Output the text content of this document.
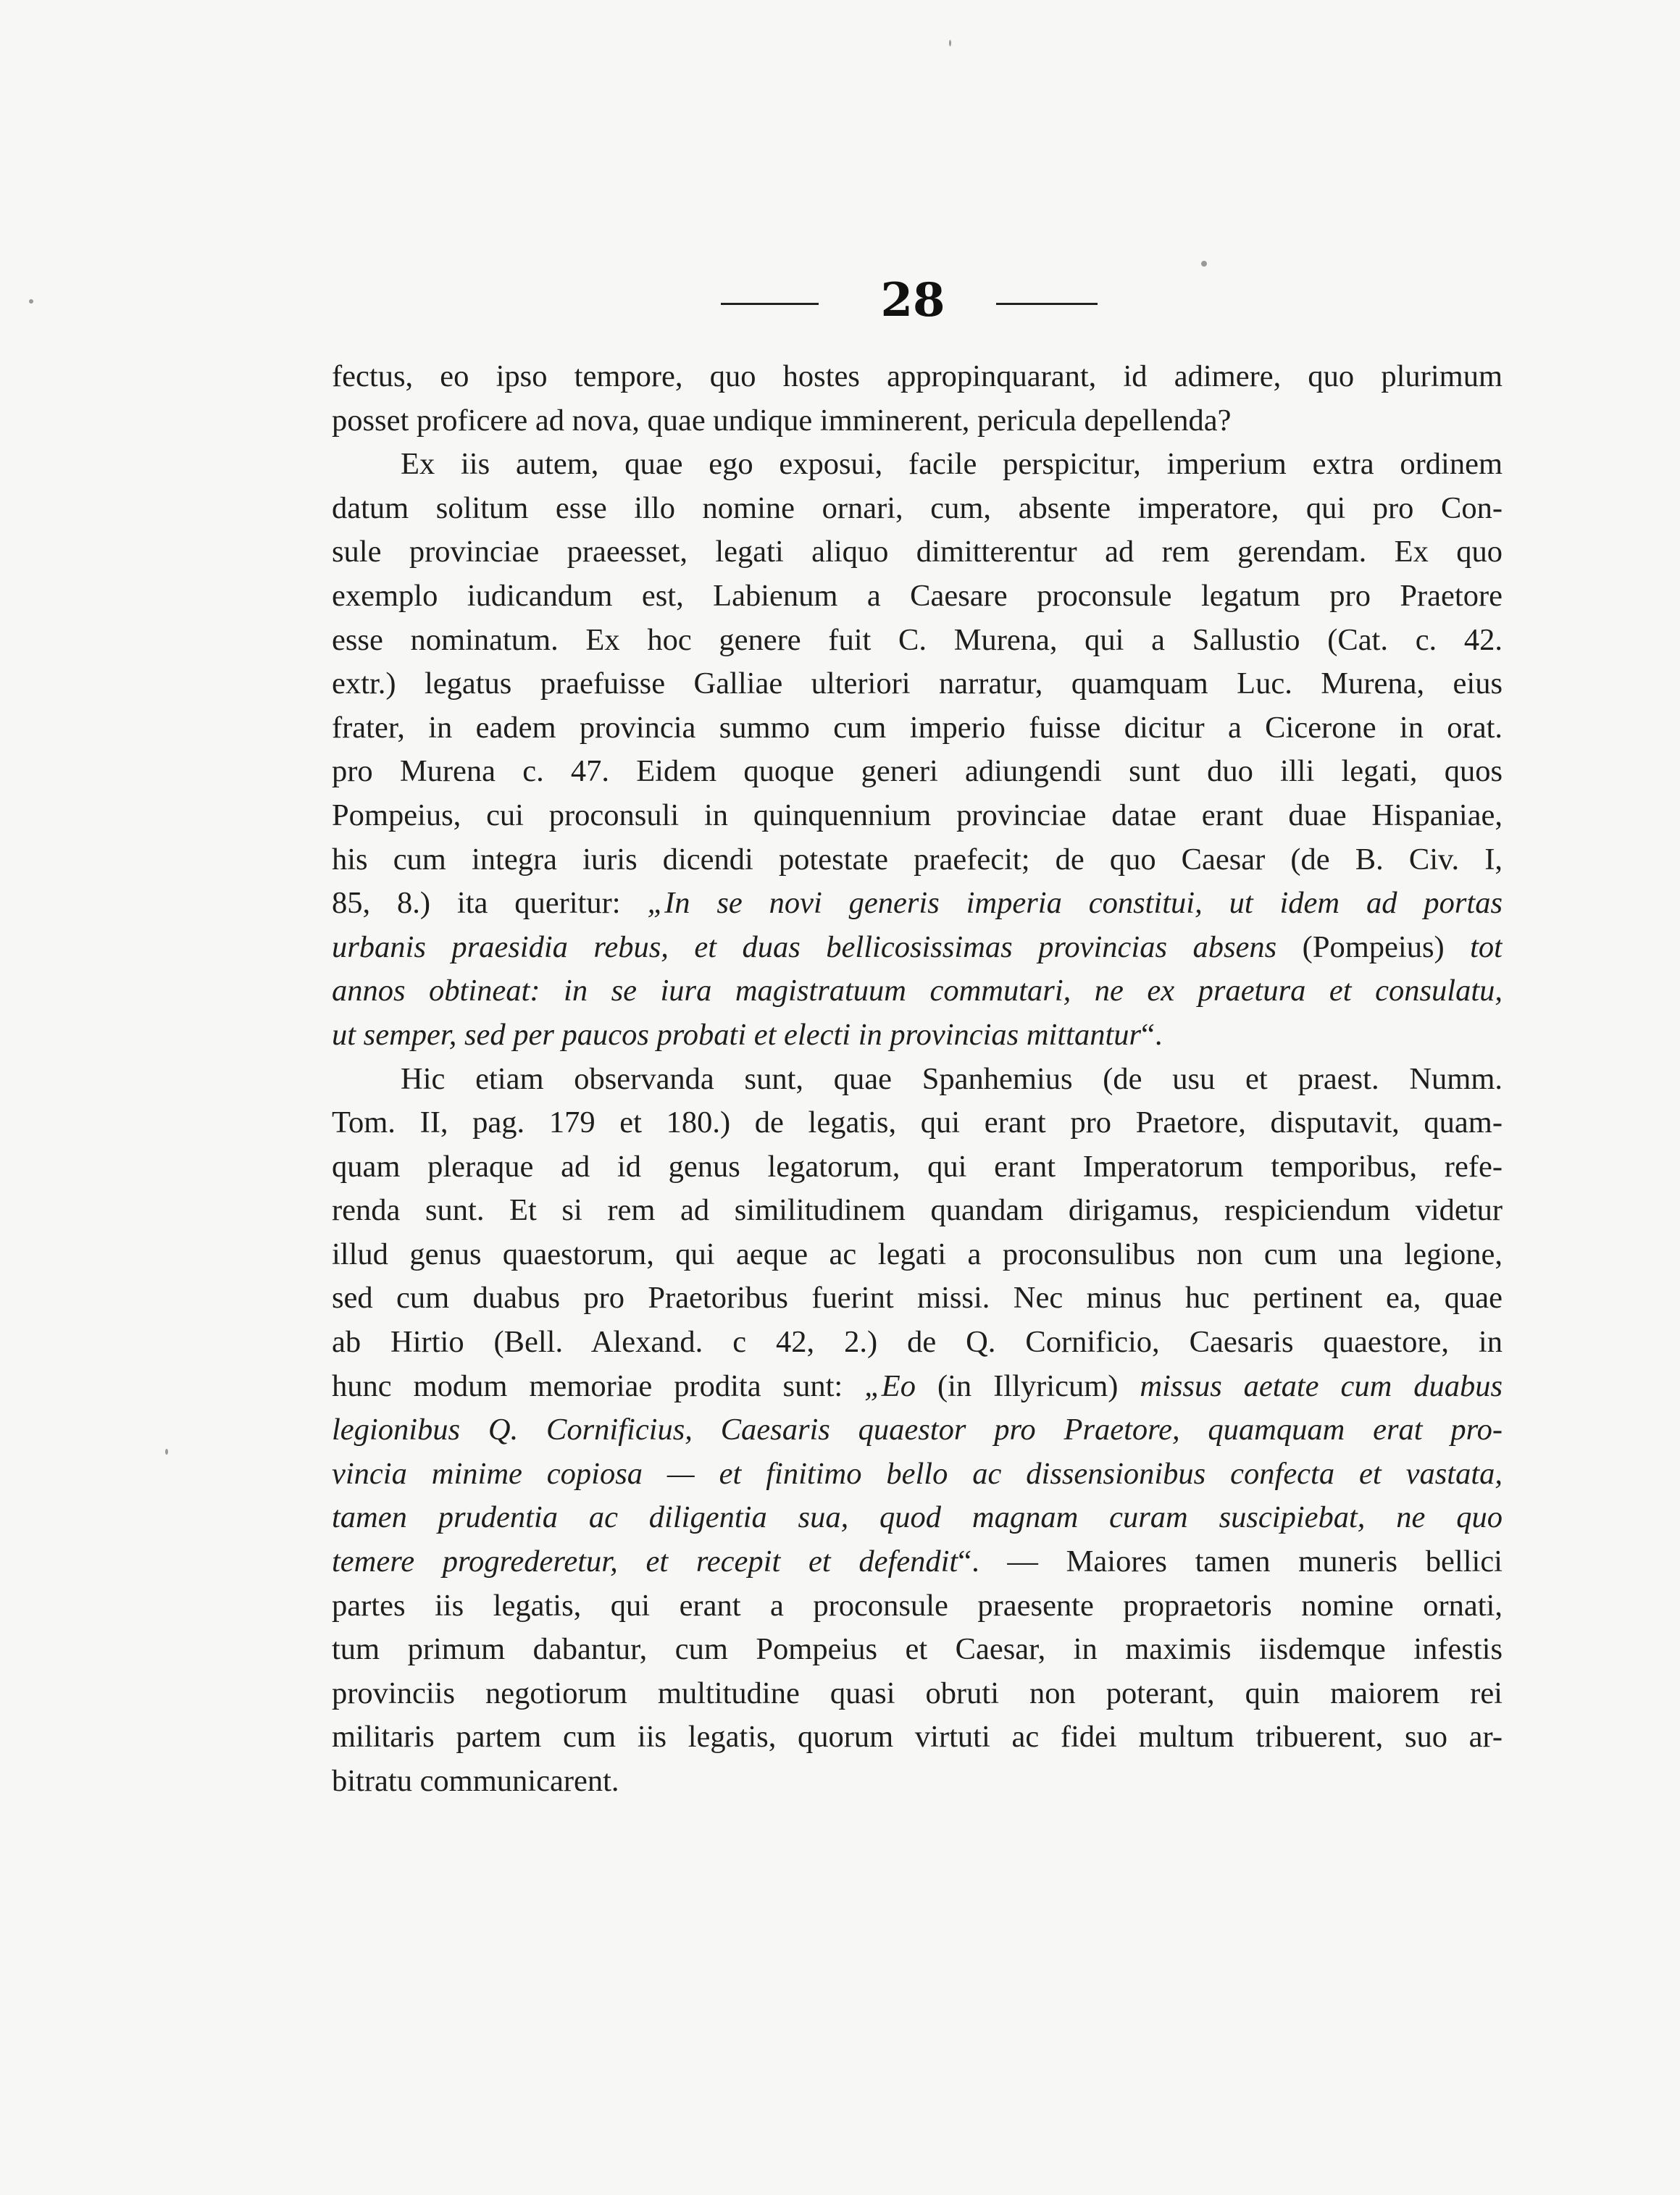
28
fectus, eo ipso tempore, quo hostes appropinquarant, id adimere, quo plurimum
posset proficere ad nova, quae undique imminerent, pericula depellenda?
Ex iis autem, quae ego exposui, facile perspicitur, imperium extra ordinem
datum solitum esse illo nomine ornari, cum, absente imperatore, qui pro Con-
sule provinciae praeesset, legati aliquo dimitterentur ad rem gerendam. Ex quo
exemplo iudicandum est, Labienum a Caesare proconsule legatum pro Praetore
esse nominatum. Ex hoc genere fuit C. Murena, qui a Sallustio (Cat. c. 42.
extr.) legatus praefuisse Galliae ulteriori narratur, quamquam Luc. Murena, eius
frater, in eadem provincia summo cum imperio fuisse dicitur a Cicerone in orat.
pro Murena c. 47. Eidem quoque generi adiungendi sunt duo illi legati, quos
Pompeius, cui proconsuli in quinquennium provinciae datae erant duae Hispaniae,
his cum integra iuris dicendi potestate praefecit; de quo Caesar (de B. Civ. I,
85, 8.) ita queritur: „In se novi generis imperia constitui, ut idem ad portas
urbanis praesidia rebus, et duas bellicosissimas provincias absens (Pompeius) tot
annos obtineat: in se iura magistratuum commutari, ne ex praetura et consulatu,
ut semper, sed per paucos probati et electi in provincias mittantur“.
Hic etiam observanda sunt, quae Spanhemius (de usu et praest. Numm.
Tom. II, pag. 179 et 180.) de legatis, qui erant pro Praetore, disputavit, quam-
quam pleraque ad id genus legatorum, qui erant Imperatorum temporibus, refe-
renda sunt. Et si rem ad similitudinem quandam dirigamus, respiciendum videtur
illud genus quaestorum, qui aeque ac legati a proconsulibus non cum una legione,
sed cum duabus pro Praetoribus fuerint missi. Nec minus huc pertinent ea, quae
ab Hirtio (Bell. Alexand. c 42, 2.) de Q. Cornificio, Caesaris quaestore, in
hunc modum memoriae prodita sunt: „Eo (in Illyricum) missus aetate cum duabus
legionibus Q. Cornificius, Caesaris quaestor pro Praetore, quamquam erat pro-
vincia minime copiosa — et finitimo bello ac dissensionibus confecta et vastata,
tamen prudentia ac diligentia sua, quod magnam curam suscipiebat, ne quo
temere progrederetur, et recepit et defendit“. — Maiores tamen muneris bellici
partes iis legatis, qui erant a proconsule praesente propraetoris nomine ornati,
tum primum dabantur, cum Pompeius et Caesar, in maximis iisdemque infestis
provinciis negotiorum multitudine quasi obruti non poterant, quin maiorem rei
militaris partem cum iis legatis, quorum virtuti ac fidei multum tribuerent, suo ar-
bitratu communicarent.
